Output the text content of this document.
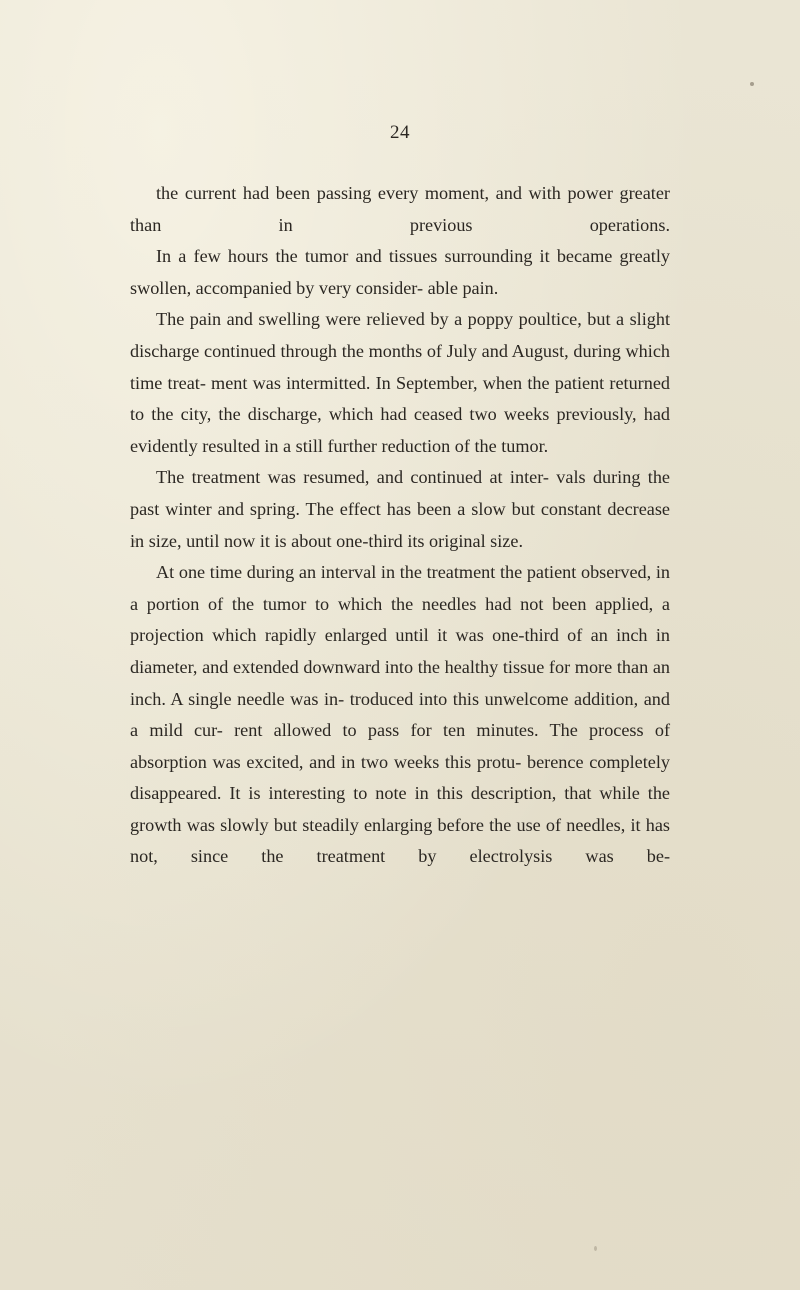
24

the current had been passing every moment, and with power greater than in previous operations.

In a few hours the tumor and tissues surrounding it became greatly swollen, accompanied by very consider- able pain.

The pain and swelling were relieved by a poppy poultice, but a slight discharge continued through the months of July and August, during which time treat- ment was intermitted. In September, when the patient returned to the city, the discharge, which had ceased two weeks previously, had evidently resulted in a still further reduction of the tumor.

The treatment was resumed, and continued at inter- vals during the past winter and spring. The effect has been a slow but constant decrease in size, until now it is about one-third its original size.

At one time during an interval in the treatment the patient observed, in a portion of the tumor to which the needles had not been applied, a projection which rapidly enlarged until it was one-third of an inch in diameter, and extended downward into the healthy tissue for more than an inch. A single needle was in- troduced into this unwelcome addition, and a mild cur- rent allowed to pass for ten minutes. The process of absorption was excited, and in two weeks this protu- berence completely disappeared. It is interesting to note in this description, that while the growth was slowly but steadily enlarging before the use of needles, it has not, since the treatment by electrolysis was be-
